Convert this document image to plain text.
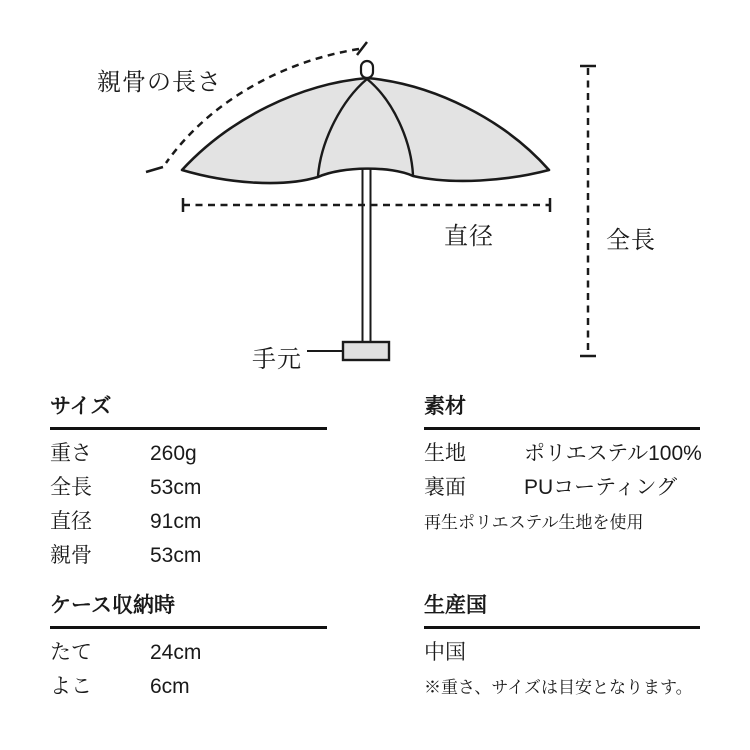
親骨の長さ
直径	全長
手元
サイズ
重さ	260g
全長	53cm
直径	91cm
親骨	53cm
素材
生地	ポリエステル100%
裏面	PUコーティング
再生ポリエステル生地を使用
ケース収納時
たて	24cm
よこ	6cm
生産国
中国
※重さ、サイズは目安となります。
